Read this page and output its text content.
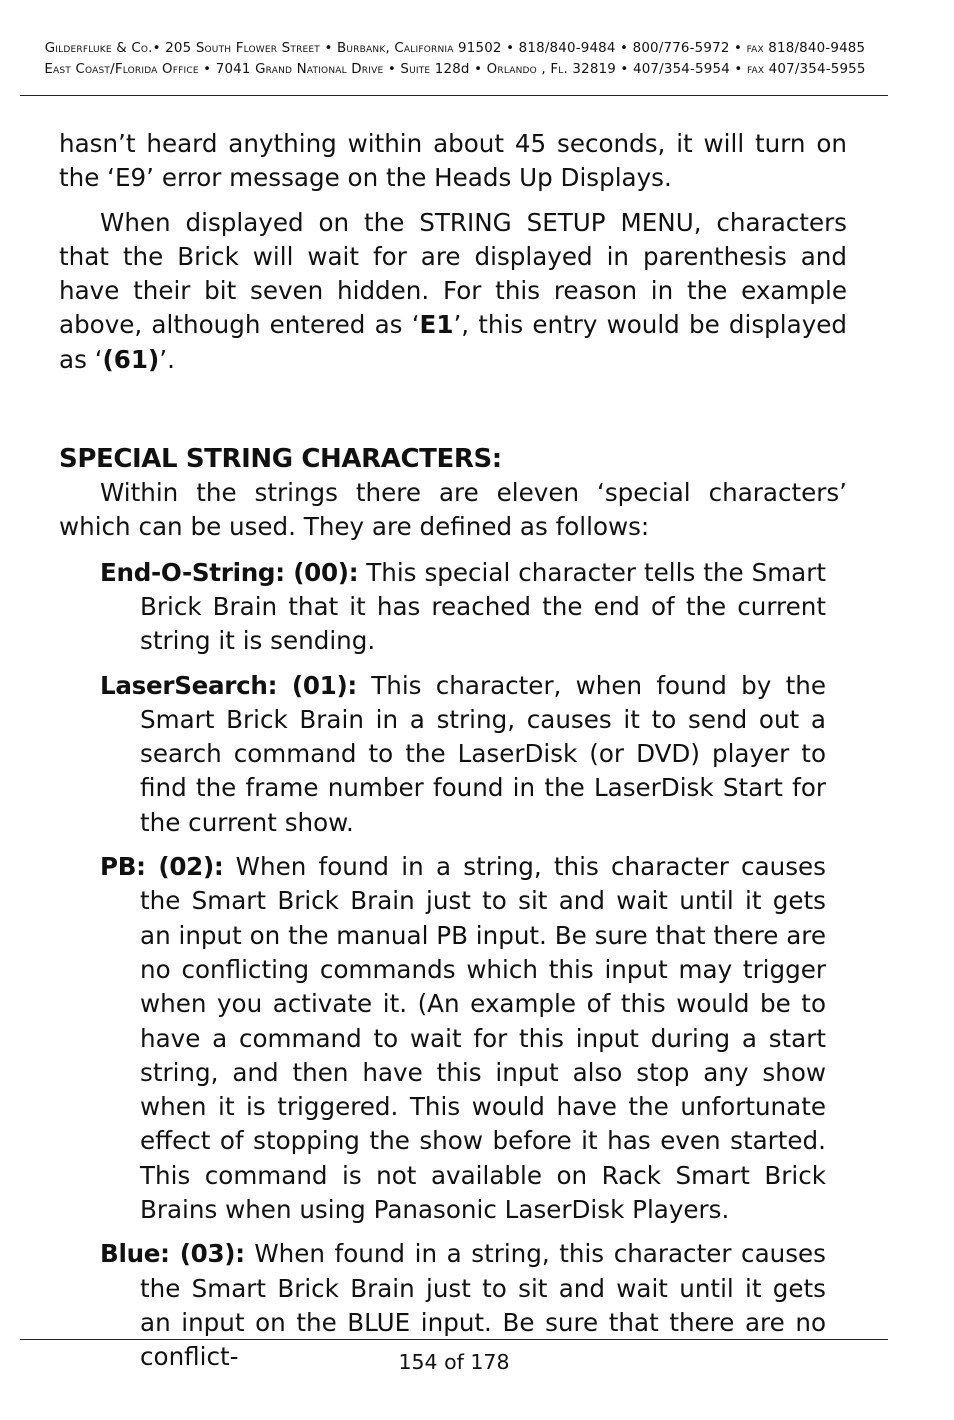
Gilderfluke & Co.• 205 South Flower Street • Burbank, California 91502 • 818/840-9484 • 800/776-5972 • fax 818/840-9485
East Coast/Florida Office • 7041 Grand National Drive • Suite 128d • Orlando , Fl. 32819 • 407/354-5954 • fax 407/354-5955

hasn’t heard anything within about 45 seconds, it will turn on the ‘E9’ error message on the Heads Up Displays.

When displayed on the STRING SETUP MENU, characters that the Brick will wait for are displayed in parenthesis and have their bit seven hidden. For this reason in the example above, although entered as ‘E1’, this entry would be displayed as ‘(61)’.

SPECIAL STRING CHARACTERS:

Within the strings there are eleven ‘special characters’ which can be used. They are defined as follows:

End-O-String: (00): This special character tells the Smart Brick Brain that it has reached the end of the current string it is sending.

LaserSearch: (01): This character, when found by the Smart Brick Brain in a string, causes it to send out a search command to the LaserDisk (or DVD) player to find the frame number found in the LaserDisk Start for the current show.

PB: (02): When found in a string, this character causes the Smart Brick Brain just to sit and wait until it gets an input on the manual PB input. Be sure that there are no conflicting commands which this input may trigger when you activate it. (An example of this would be to have a command to wait for this input during a start string, and then have this input also stop any show when it is triggered. This would have the unfortunate effect of stopping the show before it has even started. This command is not available on Rack Smart Brick Brains when using Panasonic LaserDisk Players.

Blue: (03): When found in a string, this character causes the Smart Brick Brain just to sit and wait until it gets an input on the BLUE input. Be sure that there are no conflict-	154 of 178
